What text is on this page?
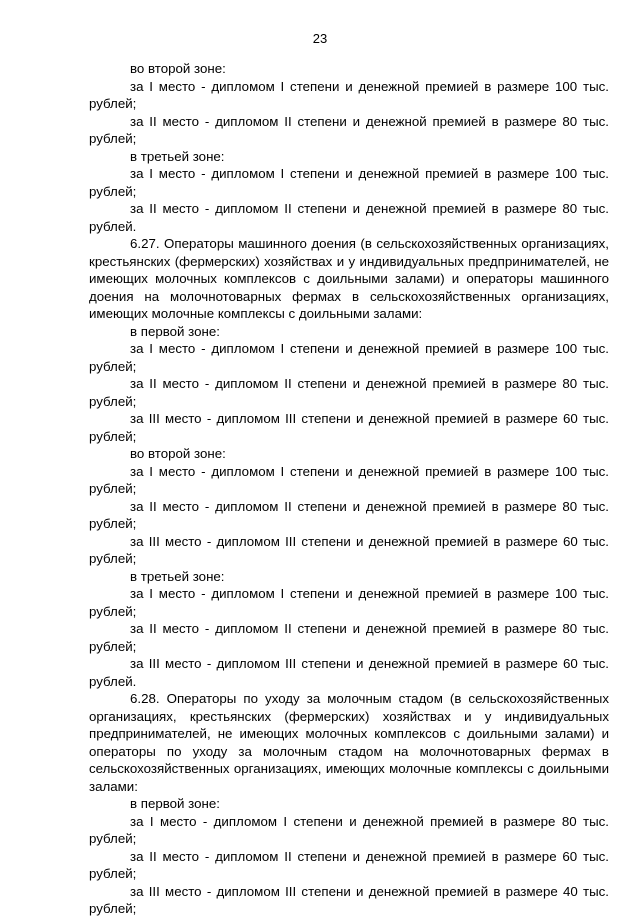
23

во второй зоне:

за I место - дипломом I степени и денежной премией в размере 100 тыс. рублей;

за II место - дипломом II степени и денежной премией в размере 80 тыс. рублей;

в третьей зоне:

за I место - дипломом I степени и денежной премией в размере 100 тыс. рублей;

за II место - дипломом II степени и денежной премией в размере 80 тыс. рублей.

6.27. Операторы машинного доения (в сельскохозяйственных организациях, крестьянских (фермерских) хозяйствах и у индивидуальных предпринимателей, не имеющих молочных комплексов с доильными залами) и операторы машинного доения на молочнотоварных фермах в сельскохозяйственных организациях, имеющих молочные комплексы с доильными залами:

в первой зоне:

за I место - дипломом I степени и денежной премией в размере 100 тыс. рублей;

за II место - дипломом II степени и денежной премией в размере 80 тыс. рублей;

за III место - дипломом III степени и денежной премией в размере 60 тыс. рублей;

во второй зоне:

за I место - дипломом I степени и денежной премией в размере 100 тыс. рублей;

за II место - дипломом II степени и денежной премией в размере 80 тыс. рублей;

за III место - дипломом III степени и денежной премией в размере 60 тыс. рублей;

в третьей зоне:

за I место - дипломом I степени и денежной премией в размере 100 тыс. рублей;

за II место - дипломом II степени и денежной премией в размере 80 тыс. рублей;

за III место - дипломом III степени и денежной премией в размере 60 тыс. рублей.

6.28. Операторы по уходу за молочным стадом (в сельскохозяйственных организациях, крестьянских (фермерских) хозяйствах и у индивидуальных предпринимателей, не имеющих молочных комплексов с доильными залами) и операторы по уходу за молочным стадом на молочнотоварных фермах в сельскохозяйственных организациях, имеющих молочные комплексы с доильными залами:

в первой зоне:

за I место - дипломом I степени и денежной премией в размере 80 тыс. рублей;

за II место - дипломом II степени и денежной премией в размере 60 тыс. рублей;

за III место - дипломом III степени и денежной премией в размере 40 тыс. рублей;
